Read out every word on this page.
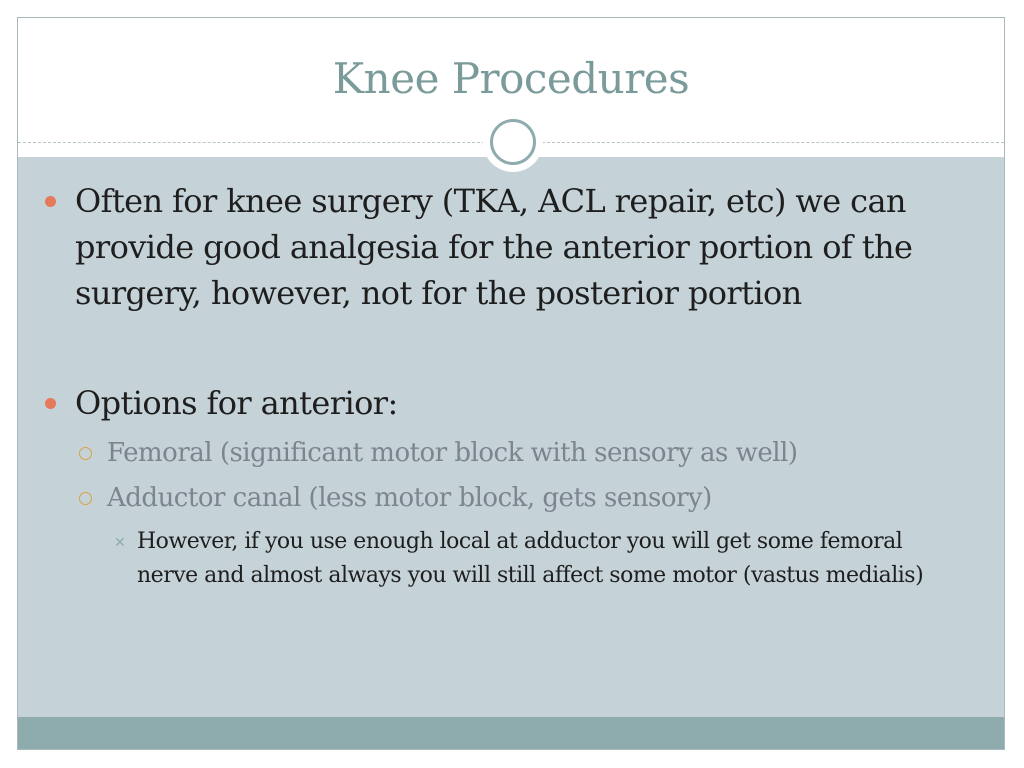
Knee Procedures
Often for knee surgery (TKA, ACL repair, etc) we can provide good analgesia for the anterior portion of the surgery, however, not for the posterior portion
Options for anterior:
Femoral (significant motor block with sensory as well)
Adductor canal (less motor block, gets sensory)
✕ However, if you use enough local at adductor you will get some femoral nerve and almost always you will still affect some motor (vastus medialis)
